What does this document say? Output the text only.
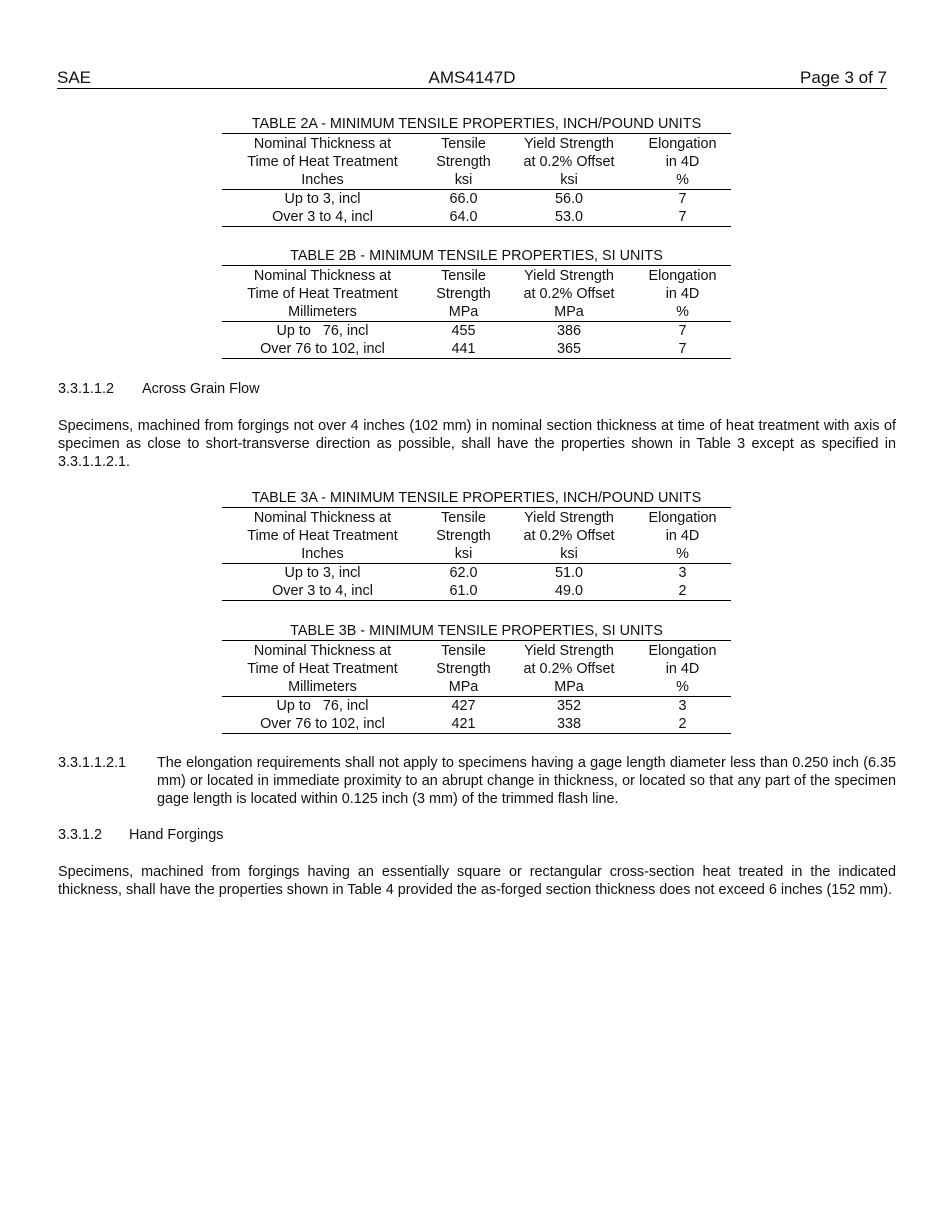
SAE	AMS4147D	Page 3 of 7
TABLE 2A - MINIMUM TENSILE PROPERTIES, INCH/POUND UNITS
Nominal Thickness at
Time of Heat Treatment
Inches
Tensile
Strength
ksi
Yield Strength
at 0.2% Offset
ksi
Elongation
in 4D
%
Up to 3, incl
Over 3 to 4, incl
66.0
64.0
56.0
53.0
7
7
TABLE 2B - MINIMUM TENSILE PROPERTIES, SI UNITS
Nominal Thickness at
Time of Heat Treatment
Millimeters
Tensile
Strength
MPa
Yield Strength
at 0.2% Offset
MPa
Elongation
in 4D
%
Up to   76, incl
Over 76 to 102, incl
455
441
386
365
7
7
3.3.1.1.2 Across Grain Flow
Specimens, machined from forgings not over 4 inches (102 mm) in nominal section thickness at time of heat treatment with axis of specimen as close to short-transverse direction as possible, shall have the properties shown in Table 3 except as specified in 3.3.1.1.2.1.
TABLE 3A - MINIMUM TENSILE PROPERTIES, INCH/POUND UNITS
Nominal Thickness at
Time of Heat Treatment
Inches
Tensile
Strength
ksi
Yield Strength
at 0.2% Offset
ksi
Elongation
in 4D
%
Up to 3, incl
Over 3 to 4, incl
62.0
61.0
51.0
49.0
3
2
TABLE 3B - MINIMUM TENSILE PROPERTIES, SI UNITS
Nominal Thickness at
Time of Heat Treatment
Millimeters
Tensile
Strength
MPa
Yield Strength
at 0.2% Offset
MPa
Elongation
in 4D
%
Up to   76, incl
Over 76 to 102, incl
427
421
352
338
3
2
3.3.1.1.2.1 The elongation requirements shall not apply to specimens having a gage length diameter less than 0.250 inch (6.35 mm) or located in immediate proximity to an abrupt change in thickness, or located so that any part of the specimen gage length is located within 0.125 inch (3 mm) of the trimmed flash line.
3.3.1.2 Hand Forgings
Specimens, machined from forgings having an essentially square or rectangular cross-section heat treated in the indicated thickness, shall have the properties shown in Table 4 provided the as-forged section thickness does not exceed 6 inches (152 mm).
